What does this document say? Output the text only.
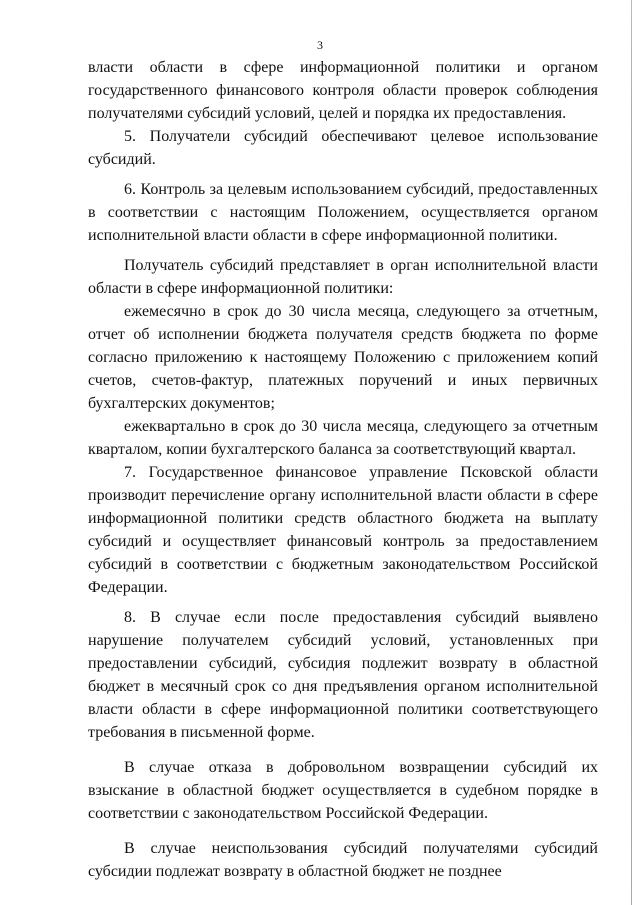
3

власти области в сфере информационной политики и органом государственного финансового контроля области проверок соблюдения получателями субсидий условий, целей и порядка их предоставления.

5. Получатели субсидий обеспечивают целевое использование субсидий.

6. Контроль за целевым использованием субсидий, предоставленных в соответствии с настоящим Положением, осуществляется органом исполнительной власти области в сфере информационной политики.

Получатель субсидий представляет в орган исполнительной власти области в сфере информационной политики:

ежемесячно в срок до 30 числа месяца, следующего за отчетным, отчет об исполнении бюджета получателя средств бюджета по форме согласно приложению к настоящему Положению с приложением копий счетов, счетов-фактур, платежных поручений и иных первичных бухгалтерских документов;

ежеквартально в срок до 30 числа месяца, следующего за отчетным кварталом, копии бухгалтерского баланса за соответствующий квартал.

7. Государственное финансовое управление Псковской области производит перечисление органу исполнительной власти области в сфере информационной политики средств областного бюджета на выплату субсидий и осуществляет финансовый контроль за предоставлением субсидий в соответствии с бюджетным законодательством Российской Федерации.

8. В случае если после предоставления субсидий выявлено нарушение получателем субсидий условий, установленных при предоставлении субсидий, субсидия подлежит возврату в областной бюджет в месячный срок со дня предъявления органом исполнительной власти области в сфере информационной политики соответствующего требования в письменной форме.

В случае отказа в добровольном возвращении субсидий их взыскание в областной бюджет осуществляется в судебном порядке в соответствии с законодательством Российской Федерации.

В случае неиспользования субсидий получателями субсидий субсидии подлежат возврату в областной бюджет не позднее
